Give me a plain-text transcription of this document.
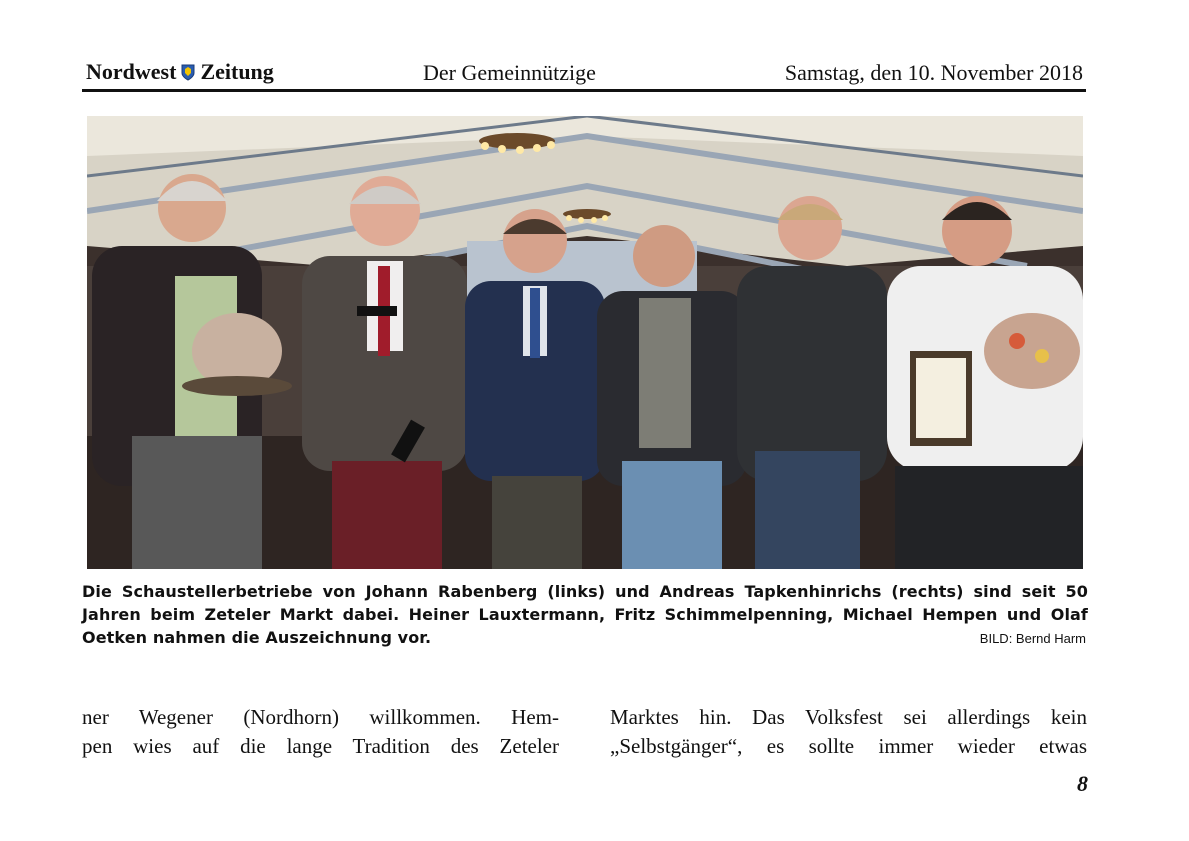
Nordwest Zeitung	Der Gemeinnützige	Samstag, den 10. November 2018
Die Schaustellerbetriebe von Johann Rabenberg (links) und Andreas Tapkenhinrichs (rechts) sind seit 50 Jahren beim Zeteler Markt dabei. Heiner Lauxtermann, Fritz Schimmelpenning, Michael Hempen und Olaf Oetken nahmen die Auszeichnung vor.	BILD: Bernd Harm
ner Wegener (Nordhorn) willkommen. Hem-
pen wies auf die lange Tradition des Zeteler
Marktes hin. Das Volksfest sei allerdings kein
„Selbstgänger“, es sollte immer wieder etwas
8
